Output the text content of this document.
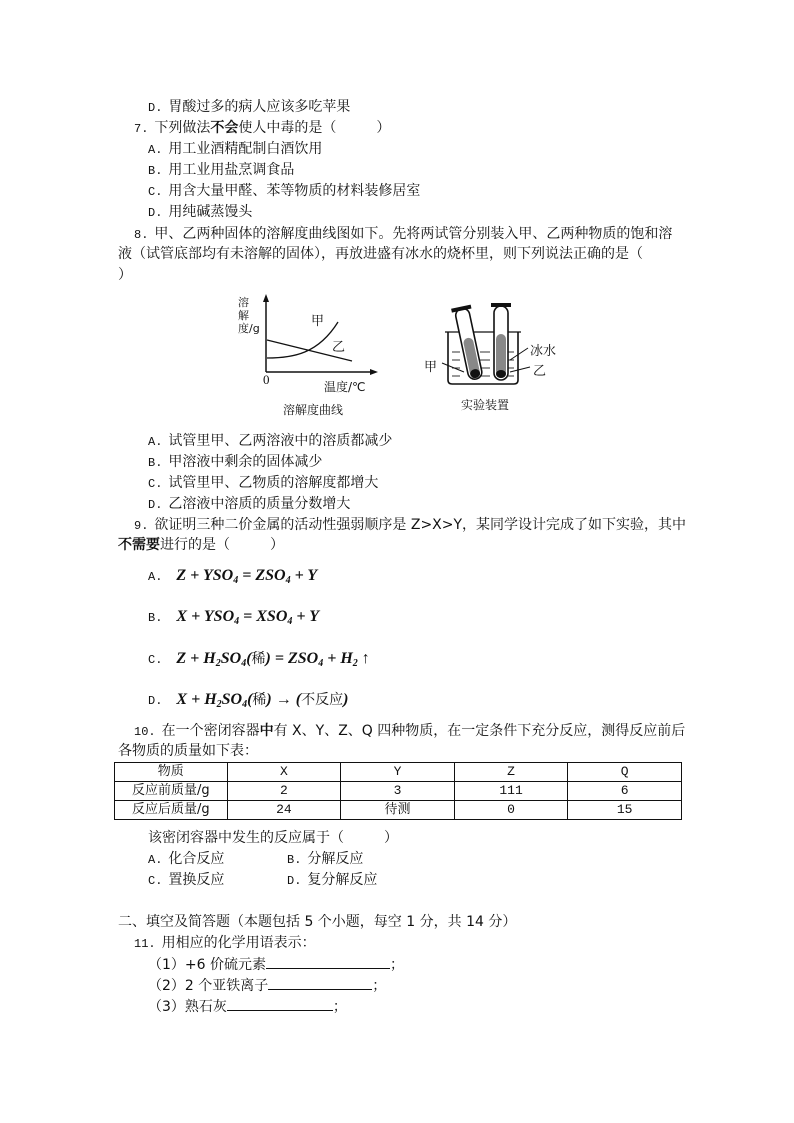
D. 胃酸过多的病人应该多吃苹果
7. 下列做法不会使人中毒的是（	）
A. 用工业酒精配制白酒饮用
B. 用工业用盐烹调食品
C. 用含大量甲醛、苯等物质的材料装修居室
D. 用纯碱蒸馒头
8. 甲、乙两种固体的溶解度曲线图如下。先将两试管分别装入甲、乙两种物质的饱和溶
液（试管底部均有未溶解的固体），再放进盛有冰水的烧杯里，则下列说法正确的是（
）
溶解度/g
0
甲
乙
温度/℃
溶解度曲线
甲
冰水
乙
实验装置
A. 试管里甲、乙两溶液中的溶质都减少
B. 甲溶液中剩余的固体减少
C. 试管里甲、乙物质的溶解度都增大
D. 乙溶液中溶质的质量分数增大
9. 欲证明三种二价金属的活动性强弱顺序是 Z>X>Y，某同学设计完成了如下实验，其中
不需要进行的是（	）
A. $Z + YSO_4 = ZSO_4 + Y$
B. $X + YSO_4 = XSO_4 + Y$
C. $Z + H_2SO_4$(稀) = $ZSO_4 + H_2$ ↑
D. $X + H_2SO_4$(稀) → (不反应)
10. 在一个密闭容器中有 X、Y、Z、Q 四种物质，在一定条件下充分反应，测得反应前后
各物质的质量如下表：
物质	X	Y	Z	Q
反应前质量/g	2	3	111	6
反应后质量/g	24	待测	0	15
该密闭容器中发生的反应属于（	）
A. 化合反应	B. 分解反应
C. 置换反应	D. 复分解反应
二、填空及简答题（本题包括 5 个小题，每空 1 分，共 14 分）
11. 用相应的化学用语表示：
（1）+6 价硫元素	；
（2）2 个亚铁离子	；
（3）熟石灰	；
